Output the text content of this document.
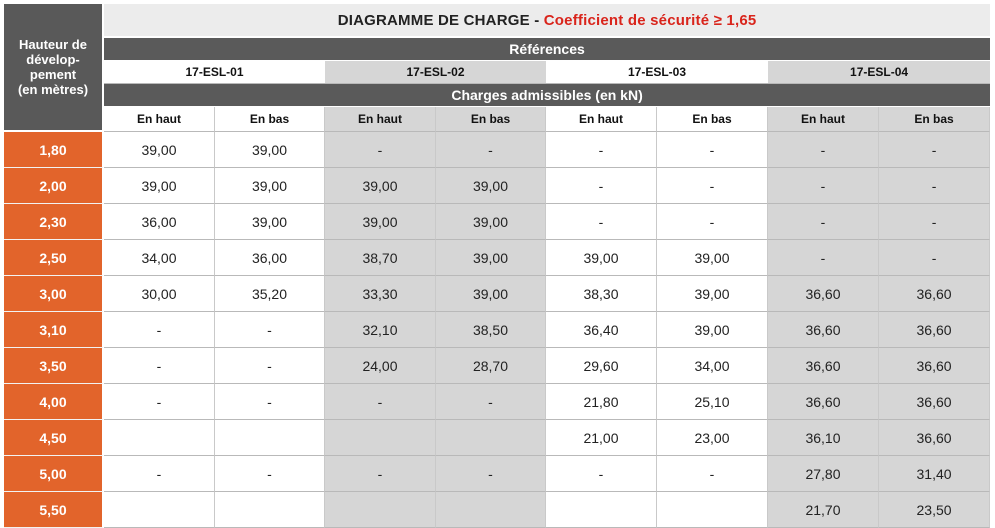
Hauteur de
dévelop-
pement
(en mètres)	DIAGRAMME DE CHARGE - Coefficient de sécurité ≥ 1,65							
	Références							
	17-ESL-01		17-ESL-02		17-ESL-03		17-ESL-04	
	Charges admissibles (en kN)							
	En haut	En bas	En haut	En bas	En haut	En bas	En haut	En bas
1,80	39,00	39,00	-	-	-	-	-	-
2,00	39,00	39,00	39,00	39,00	-	-	-	-
2,30	36,00	39,00	39,00	39,00	-	-	-	-
2,50	34,00	36,00	38,70	39,00	39,00	39,00	-	-
3,00	30,00	35,20	33,30	39,00	38,30	39,00	36,60	36,60
3,10	-	-	32,10	38,50	36,40	39,00	36,60	36,60
3,50	-	-	24,00	28,70	29,60	34,00	36,60	36,60
4,00	-	-	-	-	21,80	25,10	36,60	36,60
4,50					21,00	23,00	36,10	36,60
5,00	-	-	-	-	-	-	27,80	31,40
5,50							21,70	23,50
